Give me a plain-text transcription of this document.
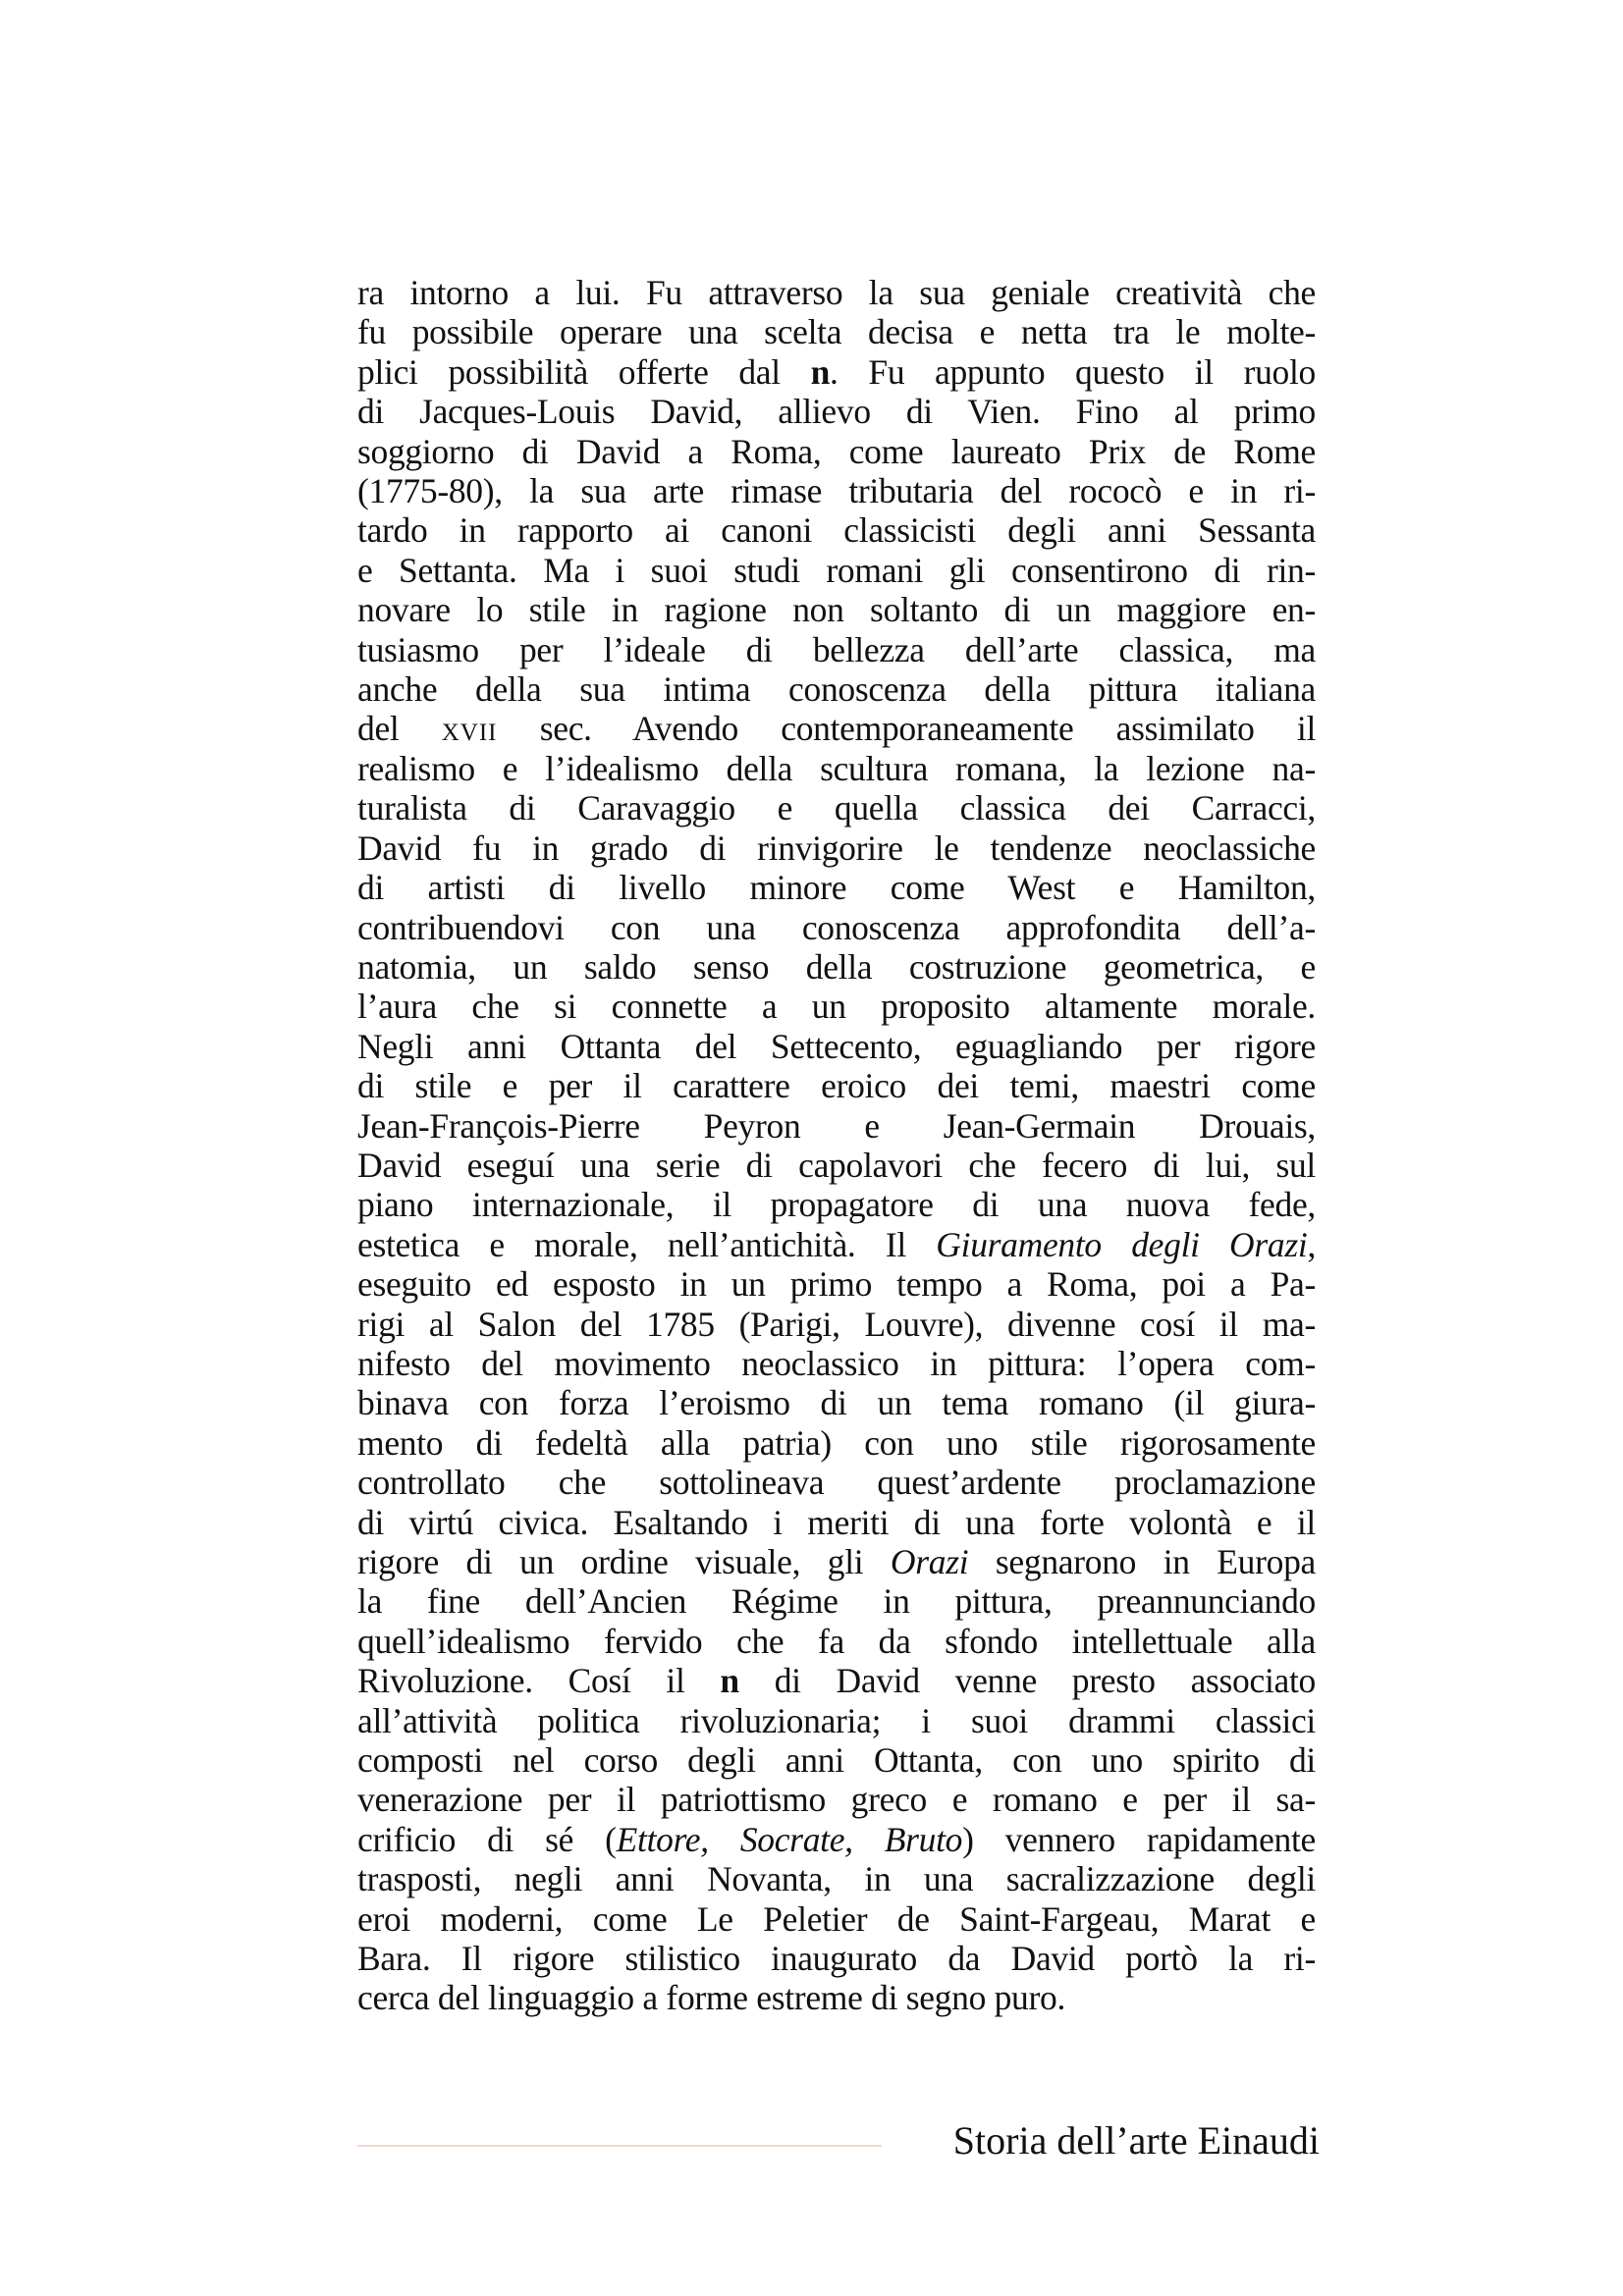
ra intorno a lui. Fu attraverso la sua geniale creatività che
fu possibile operare una scelta decisa e netta tra le molte-
plici possibilità offerte dal n. Fu appunto questo il ruolo
di Jacques-Louis David, allievo di Vien. Fino al primo
soggiorno di David a Roma, come laureato Prix de Rome
(1775-80), la sua arte rimase tributaria del rococò e in ri-
tardo in rapporto ai canoni classicisti degli anni Sessanta
e Settanta. Ma i suoi studi romani gli consentirono di rin-
novare lo stile in ragione non soltanto di un maggiore en-
tusiasmo per l’ideale di bellezza dell’arte classica, ma
anche della sua intima conoscenza della pittura italiana
del xvii sec. Avendo contemporaneamente assimilato il
realismo e l’idealismo della scultura romana, la lezione na-
turalista di Caravaggio e quella classica dei Carracci,
David fu in grado di rinvigorire le tendenze neoclassiche
di artisti di livello minore come West e Hamilton,
contribuendovi con una conoscenza approfondita dell’a-
natomia, un saldo senso della costruzione geometrica, e
l’aura che si connette a un proposito altamente morale.
Negli anni Ottanta del Settecento, eguagliando per rigore
di stile e per il carattere eroico dei temi, maestri come
Jean-François-Pierre Peyron e Jean-Germain Drouais,
David eseguí una serie di capolavori che fecero di lui, sul
piano internazionale, il propagatore di una nuova fede,
estetica e morale, nell’antichità. Il Giuramento degli Orazi,
eseguito ed esposto in un primo tempo a Roma, poi a Pa-
rigi al Salon del 1785 (Parigi, Louvre), divenne cosí il ma-
nifesto del movimento neoclassico in pittura: l’opera com-
binava con forza l’eroismo di un tema romano (il giura-
mento di fedeltà alla patria) con uno stile rigorosamente
controllato che sottolineava quest’ardente proclamazione
di virtú civica. Esaltando i meriti di una forte volontà e il
rigore di un ordine visuale, gli Orazi segnarono in Europa
la fine dell’Ancien Régime in pittura, preannunciando
quell’idealismo fervido che fa da sfondo intellettuale alla
Rivoluzione. Cosí il n di David venne presto associato
all’attività politica rivoluzionaria; i suoi drammi classici
composti nel corso degli anni Ottanta, con uno spirito di
venerazione per il patriottismo greco e romano e per il sa-
crificio di sé (Ettore, Socrate, Bruto) vennero rapidamente
trasposti, negli anni Novanta, in una sacralizzazione degli
eroi moderni, come Le Peletier de Saint-Fargeau, Marat e
Bara. Il rigore stilistico inaugurato da David portò la ri-
cerca del linguaggio a forme estreme di segno puro.
Storia dell’arte Einaudi
